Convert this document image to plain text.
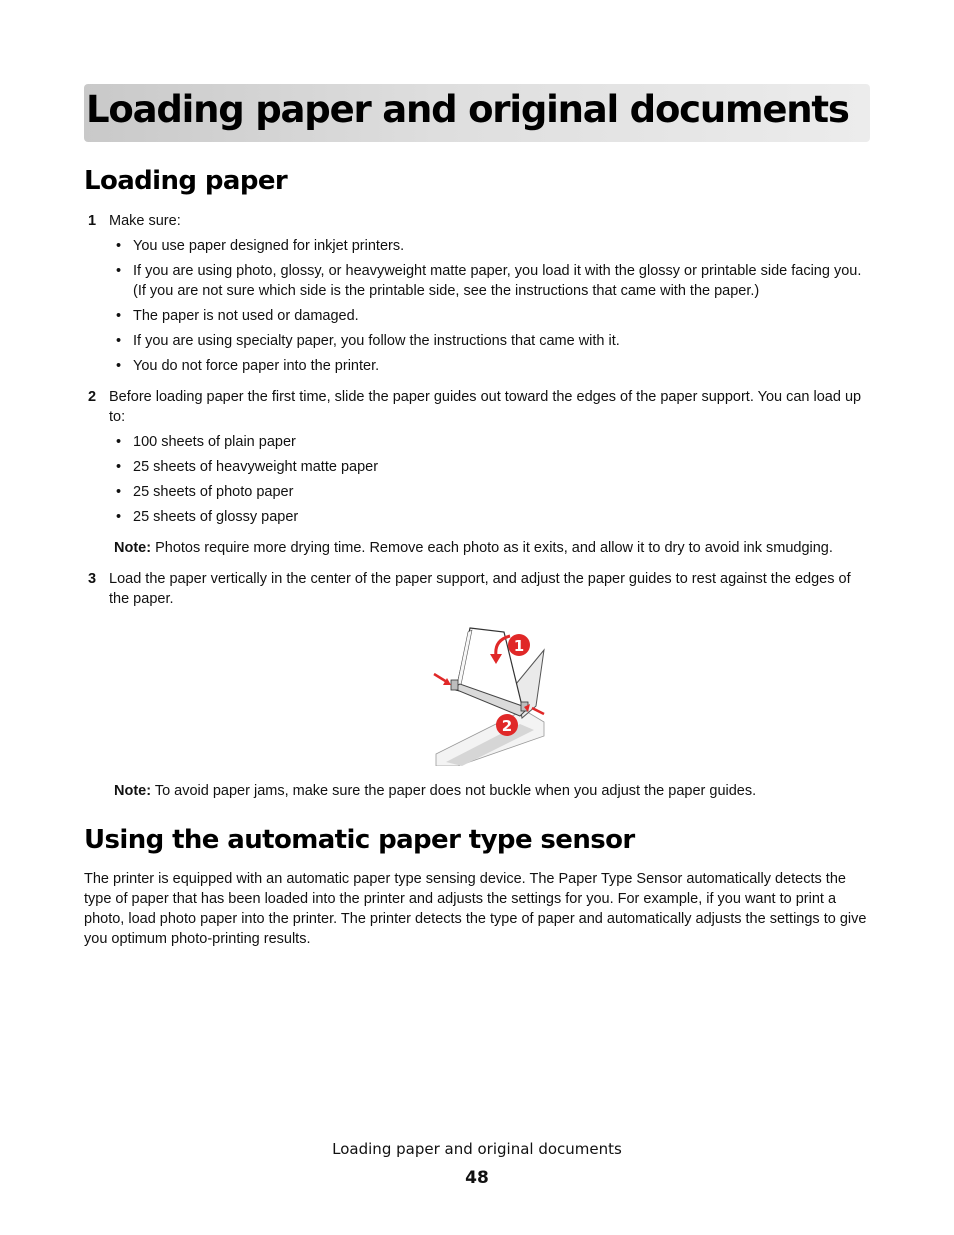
Loading paper and original documents
Loading paper
1 Make sure:
• You use paper designed for inkjet printers.
• If you are using photo, glossy, or heavyweight matte paper, you load it with the glossy or printable side facing you. (If you are not sure which side is the printable side, see the instructions that came with the paper.)
• The paper is not used or damaged.
• If you are using specialty paper, you follow the instructions that came with it.
• You do not force paper into the printer.
2 Before loading paper the first time, slide the paper guides out toward the edges of the paper support. You can load up to:
• 100 sheets of plain paper
• 25 sheets of heavyweight matte paper
• 25 sheets of photo paper
• 25 sheets of glossy paper
Note: Photos require more drying time. Remove each photo as it exits, and allow it to dry to avoid ink smudging.
3 Load the paper vertically in the center of the paper support, and adjust the paper guides to rest against the edges of the paper.
1
2
Note: To avoid paper jams, make sure the paper does not buckle when you adjust the paper guides.
Using the automatic paper type sensor
The printer is equipped with an automatic paper type sensing device. The Paper Type Sensor automatically detects the type of paper that has been loaded into the printer and adjusts the settings for you. For example, if you want to print a photo, load photo paper into the printer. The printer detects the type of paper and automatically adjusts the settings to give you optimum photo-printing results.
Loading paper and original documents
48
